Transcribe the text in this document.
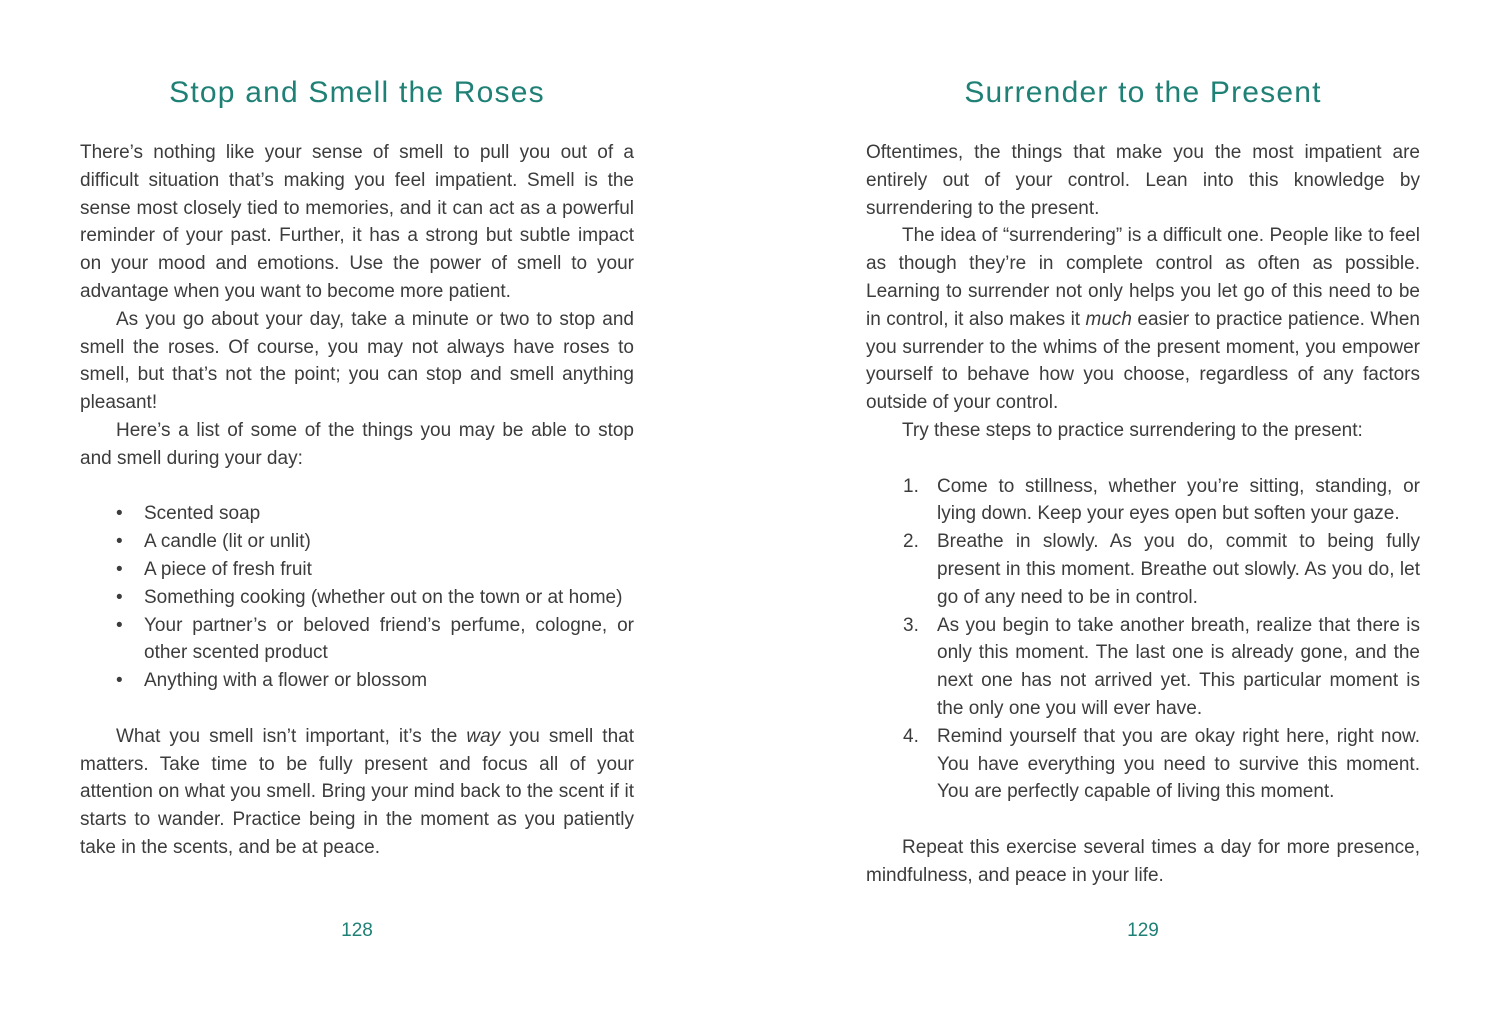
Stop and Smell the Roses

There’s nothing like your sense of smell to pull you out of a difficult situation that’s making you feel impatient. Smell is the sense most closely tied to memories, and it can act as a powerful reminder of your past. Further, it has a strong but subtle impact on your mood and emotions. Use the power of smell to your advantage when you want to become more patient.

As you go about your day, take a minute or two to stop and smell the roses. Of course, you may not always have roses to smell, but that’s not the point; you can stop and smell anything pleasant!

Here’s a list of some of the things you may be able to stop and smell during your day:

• Scented soap
• A candle (lit or unlit)
• A piece of fresh fruit
• Something cooking (whether out on the town or at home)
• Your partner’s or beloved friend’s perfume, cologne, or other scented product
• Anything with a flower or blossom

What you smell isn’t important, it’s the way you smell that matters. Take time to be fully present and focus all of your attention on what you smell. Bring your mind back to the scent if it starts to wander. Practice being in the moment as you patiently take in the scents, and be at peace.

128
Surrender to the Present

Oftentimes, the things that make you the most impatient are entirely out of your control. Lean into this knowledge by surrendering to the present.

The idea of “surrendering” is a difficult one. People like to feel as though they’re in complete control as often as possible. Learning to surrender not only helps you let go of this need to be in control, it also makes it much easier to practice patience. When you surrender to the whims of the present moment, you empower yourself to behave how you choose, regardless of any factors outside of your control.

Try these steps to practice surrendering to the present:

1. Come to stillness, whether you’re sitting, standing, or lying down. Keep your eyes open but soften your gaze.
2. Breathe in slowly. As you do, commit to being fully present in this moment. Breathe out slowly. As you do, let go of any need to be in control.
3. As you begin to take another breath, realize that there is only this moment. The last one is already gone, and the next one has not arrived yet. This particular moment is the only one you will ever have.
4. Remind yourself that you are okay right here, right now. You have everything you need to survive this moment. You are perfectly capable of living this moment.

Repeat this exercise several times a day for more presence, mindfulness, and peace in your life.

129
